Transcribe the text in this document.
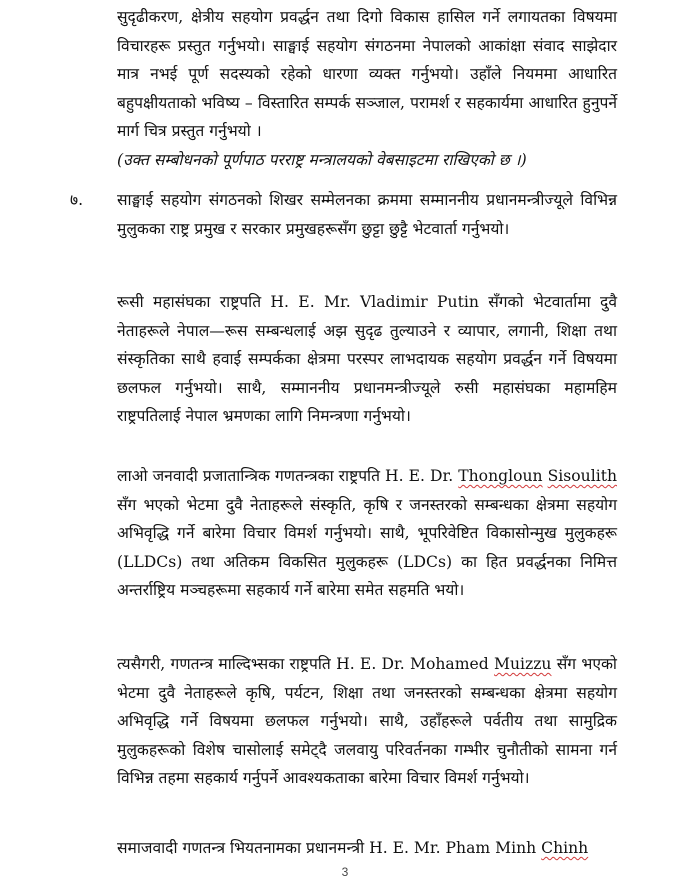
सुदृढीकरण, क्षेत्रीय सहयोग प्रवर्द्धन तथा दिगो विकास हासिल गर्ने लगायतका विषयमा विचारहरू प्रस्तुत गर्नुभयो। साङ्घाई सहयोग संगठनमा नेपालको आकांक्षा संवाद साझेदार मात्र नभई पूर्ण सदस्यको रहेको धारणा व्यक्त गर्नुभयो। उहाँले नियममा आधारित बहुपक्षीयताको भविष्य – विस्तारित सम्पर्क सञ्जाल, परामर्श र सहकार्यमा आधारित हुनुपर्ने मार्ग चित्र प्रस्तुत गर्नुभयो ।
(उक्त सम्बोधनको पूर्णपाठ परराष्ट्र मन्त्रालयको वेबसाइटमा राखिएको छ ।)
७. साङ्घाई सहयोग संगठनको शिखर सम्मेलनका क्रममा सम्माननीय प्रधानमन्त्रीज्यूले विभिन्न मुलुकका राष्ट्र प्रमुख र सरकार प्रमुखहरूसँग छुट्टा छुट्टै भेटवार्ता गर्नुभयो।
रूसी महासंघका राष्ट्रपति H. E. Mr. Vladimir Putin सँगको भेटवार्तामा दुवै नेताहरूले नेपाल—रूस सम्बन्धलाई अझ सुदृढ तुल्याउने र व्यापार, लगानी, शिक्षा तथा संस्कृतिका साथै हवाई सम्पर्कका क्षेत्रमा परस्पर लाभदायक सहयोग प्रवर्द्धन गर्ने विषयमा छलफल गर्नुभयो। साथै, सम्माननीय प्रधानमन्त्रीज्यूले रुसी महासंघका महामहिम राष्ट्रपतिलाई नेपाल भ्रमणका लागि निमन्त्रणा गर्नुभयो।
लाओ जनवादी प्रजातान्त्रिक गणतन्त्रका राष्ट्रपति H. E. Dr. Thongloun Sisoulith सँग भएको भेटमा दुवै नेताहरूले संस्कृति, कृषि र जनस्तरको सम्बन्धका क्षेत्रमा सहयोग अभिवृद्धि गर्ने बारेमा विचार विमर्श गर्नुभयो। साथै, भूपरिवेष्टित विकासोन्मुख मुलुकहरू (LLDCs) तथा अतिकम विकसित मुलुकहरू (LDCs) का हित प्रवर्द्धनका निमित्त अन्तर्राष्ट्रिय मञ्चहरूमा सहकार्य गर्ने बारेमा समेत सहमति भयो।
त्यसैगरी, गणतन्त्र माल्दिभ्सका राष्ट्रपति H. E. Dr. Mohamed Muizzu सँग भएको भेटमा दुवै नेताहरूले कृषि, पर्यटन, शिक्षा तथा जनस्तरको सम्बन्धका क्षेत्रमा सहयोग अभिवृद्धि गर्ने विषयमा छलफल गर्नुभयो। साथै, उहाँहरूले पर्वतीय तथा सामुद्रिक मुलुकहरूको विशेष चासोलाई समेट्दै जलवायु परिवर्तनका गम्भीर चुनौतीको सामना गर्न विभिन्न तहमा सहकार्य गर्नुपर्ने आवश्यकताका बारेमा विचार विमर्श गर्नुभयो।
समाजवादी गणतन्त्र भियतनामका प्रधानमन्त्री H. E. Mr. Pham Minh Chinh
3
